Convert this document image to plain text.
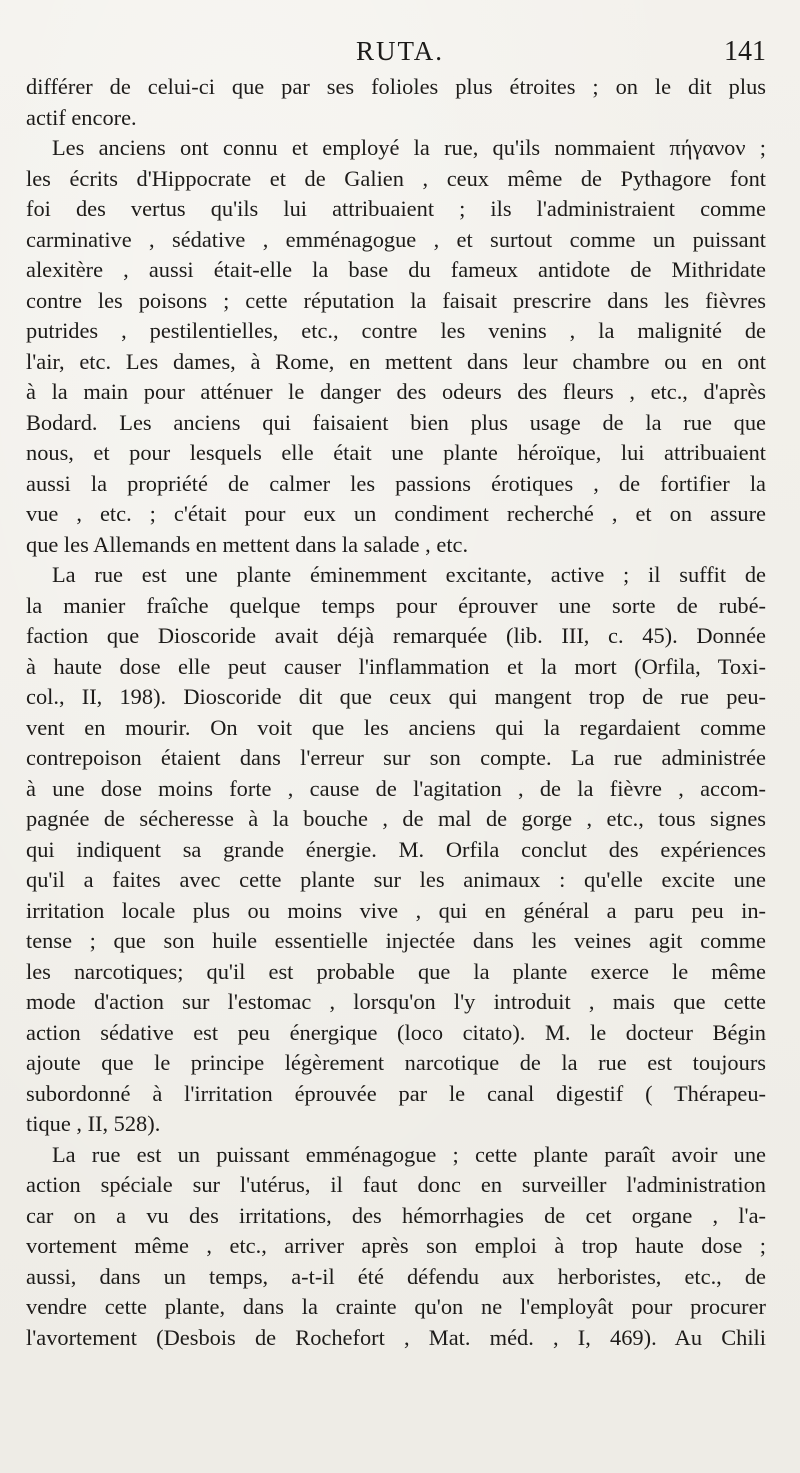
RUTA.	141
différer de celui-ci que par ses folioles plus étroites ; on le dit plus
actif encore.
Les anciens ont connu et employé la rue, qu'ils nommaient πήγανον ;
les écrits d'Hippocrate et de Galien , ceux même de Pythagore font
foi des vertus qu'ils lui attribuaient ; ils l'administraient comme
carminative , sédative , emménagogue , et surtout comme un puissant
alexitère , aussi était-elle la base du fameux antidote de Mithridate
contre les poisons ; cette réputation la faisait prescrire dans les fièvres
putrides , pestilentielles, etc., contre les venins , la malignité de
l'air, etc. Les dames, à Rome, en mettent dans leur chambre ou en ont
à la main pour atténuer le danger des odeurs des fleurs , etc., d'après
Bodard. Les anciens qui faisaient bien plus usage de la rue que
nous, et pour lesquels elle était une plante héroïque, lui attribuaient
aussi la propriété de calmer les passions érotiques , de fortifier la
vue , etc. ; c'était pour eux un condiment recherché , et on assure
que les Allemands en mettent dans la salade , etc.
La rue est une plante éminemment excitante, active ; il suffit de
la manier fraîche quelque temps pour éprouver une sorte de rubé-
faction que Dioscoride avait déjà remarquée (lib. III, c. 45). Donnée
à haute dose elle peut causer l'inflammation et la mort (Orfila, Toxi-
col., II, 198). Dioscoride dit que ceux qui mangent trop de rue peu-
vent en mourir. On voit que les anciens qui la regardaient comme
contrepoison étaient dans l'erreur sur son compte. La rue administrée
à une dose moins forte , cause de l'agitation , de la fièvre , accom-
pagnée de sécheresse à la bouche , de mal de gorge , etc., tous signes
qui indiquent sa grande énergie. M. Orfila conclut des expériences
qu'il a faites avec cette plante sur les animaux : qu'elle excite une
irritation locale plus ou moins vive , qui en général a paru peu in-
tense ; que son huile essentielle injectée dans les veines agit comme
les narcotiques; qu'il est probable que la plante exerce le même
mode d'action sur l'estomac , lorsqu'on l'y introduit , mais que cette
action sédative est peu énergique (loco citato). M. le docteur Bégin
ajoute que le principe légèrement narcotique de la rue est toujours
subordonné à l'irritation éprouvée par le canal digestif ( Thérapeu-
tique , II, 528).
La rue est un puissant emménagogue ; cette plante paraît avoir une
action spéciale sur l'utérus, il faut donc en surveiller l'administration
car on a vu des irritations, des hémorrhagies de cet organe , l'a-
vortement même , etc., arriver après son emploi à trop haute dose ;
aussi, dans un temps, a-t-il été défendu aux herboristes, etc., de
vendre cette plante, dans la crainte qu'on ne l'employât pour procurer
l'avortement (Desbois de Rochefort , Mat. méd. , I, 469). Au Chili
